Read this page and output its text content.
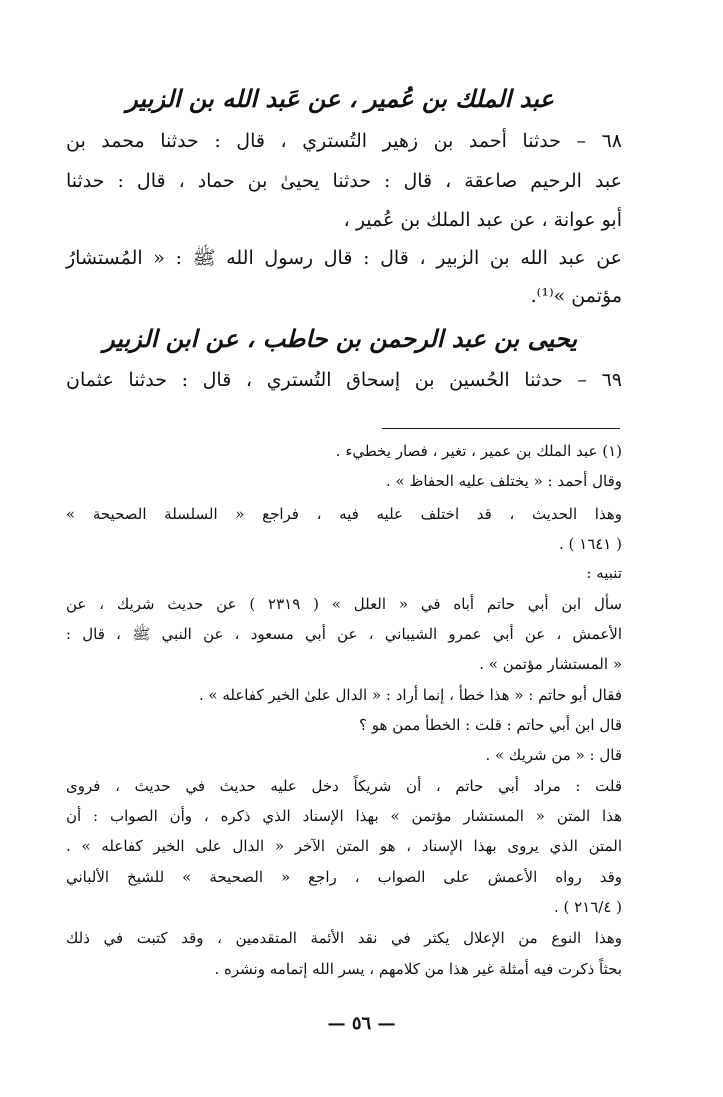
عبد الملك بن عُمير ، عن عَبد الله بن الزبير
٦٨ – حدثنا أحمد بن زهير التُستري ، قال : حدثنا محمد بن
عبد الرحيم صاعقة ، قال : حدثنا يحيىٰ بن حماد ، قال : حدثنا
أبو عوانة ، عن عبد الملك بن عُمير ،
عن عبد الله بن الزبير ، قال : قال رسول الله ﷺ : « المُستشارُ
مؤتمن »⁽¹⁾.
يحيى بن عبد الرحمن بن حاطب ، عن ابن الزبير
٦٩ – حدثنا الحُسين بن إسحاق التُستري ، قال : حدثنا عثمان
(١) عبد الملك بن عمير ، تغير ، فصار يخطيء .
وقال أحمد : « يختلف عليه الحفاظ » .
وهذا الحديث ، قد اختلف عليه فيه ، فراجع « السلسلة الصحيحة »
( ١٦٤١ ) .
تنبيه :
سأل ابن أبي حاتم أباه في « العلل » ( ٢٣١٩ ) عن حديث شريك ، عن
الأعمش ، عن أبي عمرو الشيباني ، عن أبي مسعود ، عن النبي ﷺ ، قال :
« المستشار مؤتمن » .
فقال أبو حاتم : « هذا خطأ ، إنما أراد : « الدال علىٰ الخير كفاعله » .
قال ابن أبي حاتم : قلت : الخطأ ممن هو ؟
قال : « من شريك » .
قلت : مراد أبي حاتم ، أن شريكاً دخل عليه حديث في حديث ، فروى
هذا المتن « المستشار مؤتمن » بهذا الإسناد الذي ذكره ، وأن الصواب : أن
المتن الذي يروى بهذا الإسناد ، هو المتن الآخر « الدال على الخير كفاعله » .
وقد رواه الأعمش على الصواب ، راجع « الصحيحة » للشيخ الألباني
( ٢١٦/٤ ) .
وهذا النوع من الإعلال يكثر في نقد الأئمة المتقدمين ، وقد كتبت في ذلك
بحثاً ذكرت فيه أمثلة غير هذا من كلامهم ، يسر الله إتمامه ونشره .
— ٥٦ —
